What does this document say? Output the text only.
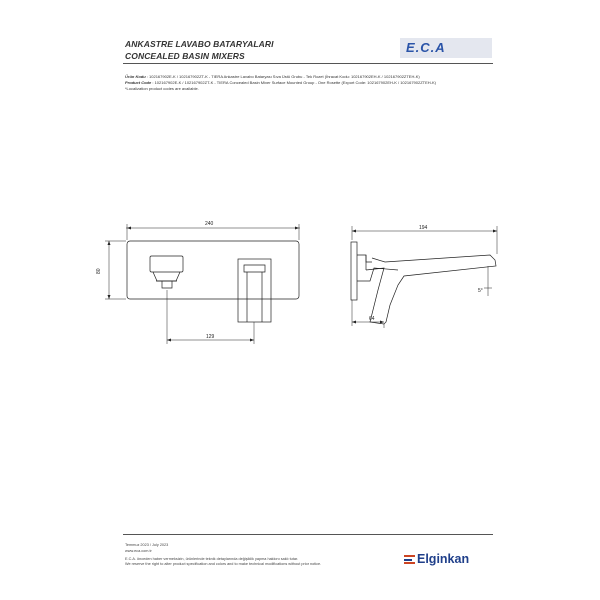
ANKASTRE LAVABO BATARYALARI
CONCEALED BASIN MIXERS
E.C.A
Ürün Kodu : 102167902E-K / 102167902ZT-K - TIERA Ankastre Lavabo Bataryası Sıva Üstü Grubu - Tek Rozet (İhracat Kodu: 102167902EH-K / 102167902ZTEH-K)
Product Code : 102167902E-K / 102167902ZT-K - TIERA Concealed Basin Mixer Surface Mounted Group - One Rosette (Export Code: 102167902EH-K / 102167902ZTEH-K)
*Localization product codes are available.
240
80
129
194
5°
64
Temmuz 2023 / July 2023
www.eca.com.tr
E.C.A. önceden haber vermeksizin, ürünlerinde teknik detaylarında değişiklik yapma hakkını saklı tutar.
We reserve the right to alter product specification and colors and to make technical modifications without prior notice.	Elginkan
